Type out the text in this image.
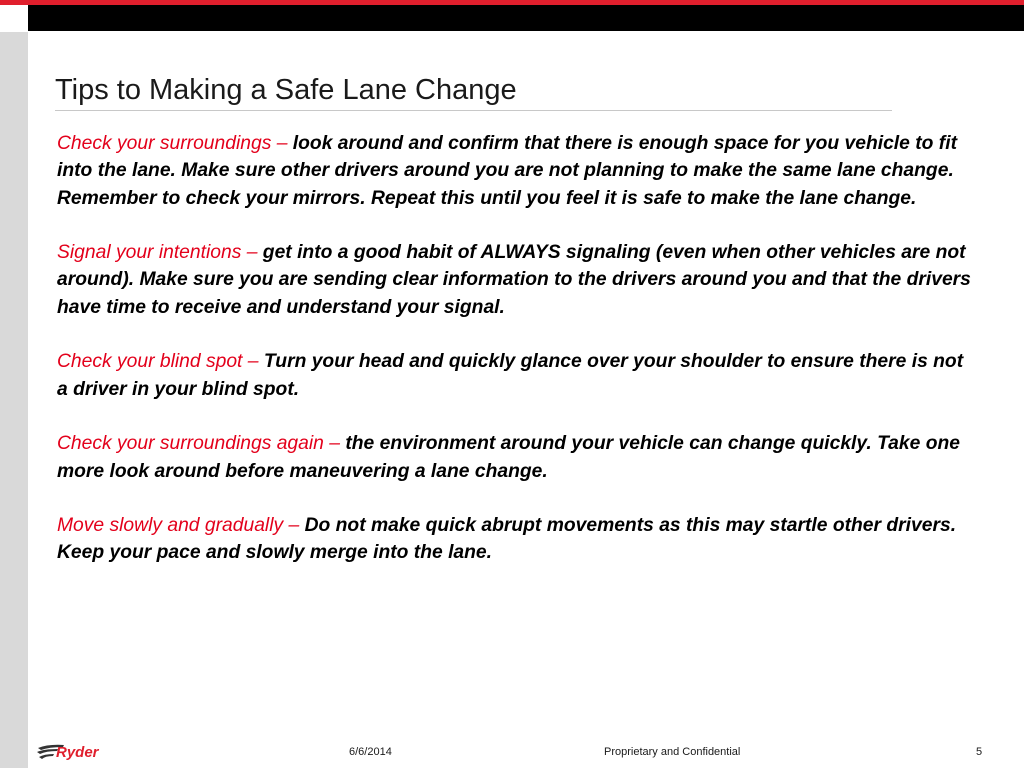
Tips to Making a Safe Lane Change

Check your surroundings – look around and confirm that there is enough space for you vehicle to fit into the lane. Make sure other drivers around you are not planning to make the same lane change. Remember to check your mirrors. Repeat this until you feel it is safe to make the lane change.

Signal your intentions – get into a good habit of ALWAYS signaling (even when other vehicles are not around). Make sure you are sending clear information to the drivers around you and that the drivers have time to receive and understand your signal.

Check your blind spot – Turn your head and quickly glance over your shoulder to ensure there is not a driver in your blind spot.

Check your surroundings again – the environment around your vehicle can change quickly. Take one more look around before maneuvering a lane change.

Move slowly and gradually – Do not make quick abrupt movements as this may startle other drivers. Keep your pace and slowly merge into the lane.

Ryder	6/6/2014	Proprietary and Confidential	5
